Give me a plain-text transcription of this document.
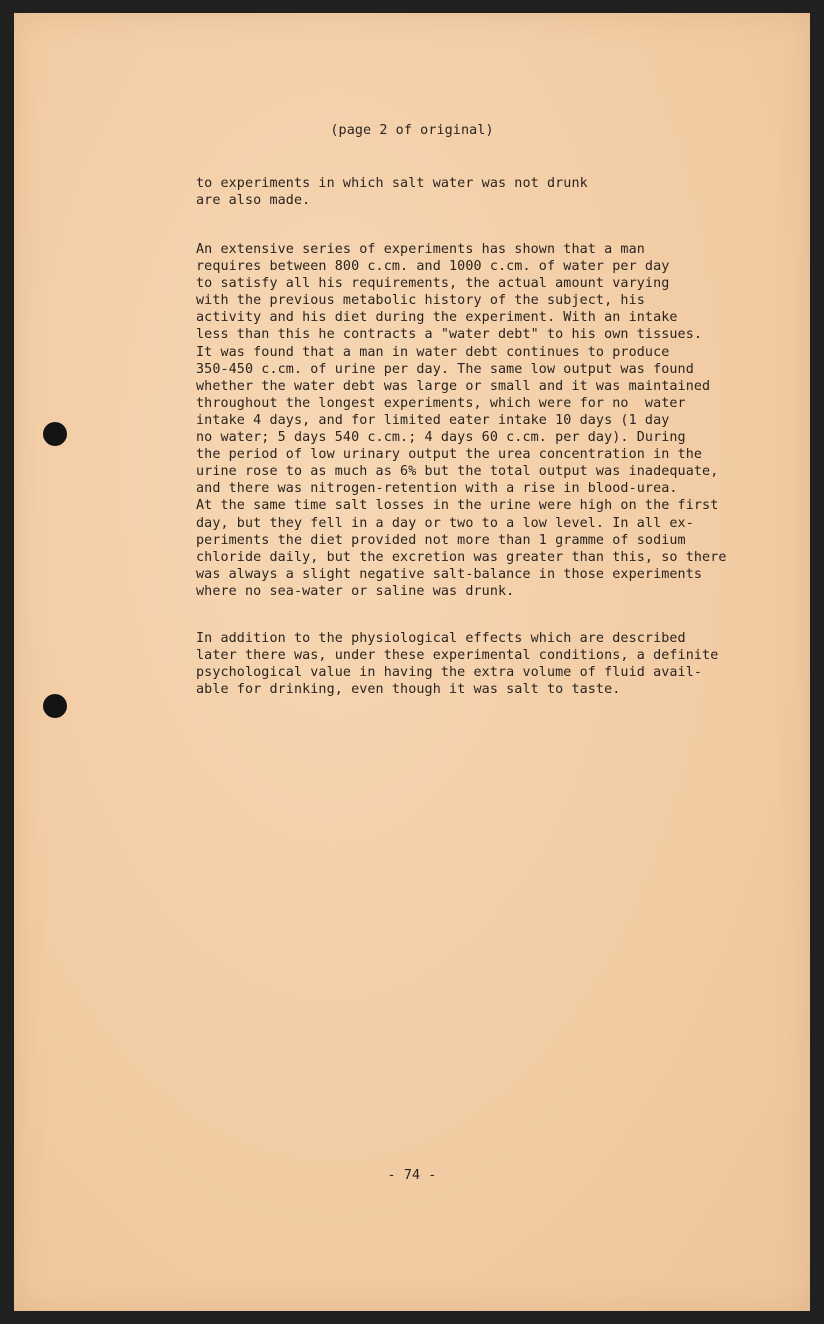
(page 2 of original)
to experiments in which salt water was not drunk
are also made.
An extensive series of experiments has shown that a man
requires between 800 c.cm. and 1000 c.cm. of water per day
to satisfy all his requirements, the actual amount varying
with the previous metabolic history of the subject, his
activity and his diet during the experiment. With an intake
less than this he contracts a "water debt" to his own tissues.
It was found that a man in water debt continues to produce
350-450 c.cm. of urine per day. The same low output was found
whether the water debt was large or small and it was maintained
throughout the longest experiments, which were for no  water
intake 4 days, and for limited eater intake 10 days (1 day
no water; 5 days 540 c.cm.; 4 days 60 c.cm. per day). During
the period of low urinary output the urea concentration in the
urine rose to as much as 6% but the total output was inadequate,
and there was nitrogen-retention with a rise in blood-urea.
At the same time salt losses in the urine were high on the first
day, but they fell in a day or two to a low level. In all ex-
periments the diet provided not more than 1 gramme of sodium
chloride daily, but the excretion was greater than this, so there
was always a slight negative salt-balance in those experiments
where no sea-water or saline was drunk.
In addition to the physiological effects which are described
later there was, under these experimental conditions, a definite
psychological value in having the extra volume of fluid avail-
able for drinking, even though it was salt to taste.
- 74 -
